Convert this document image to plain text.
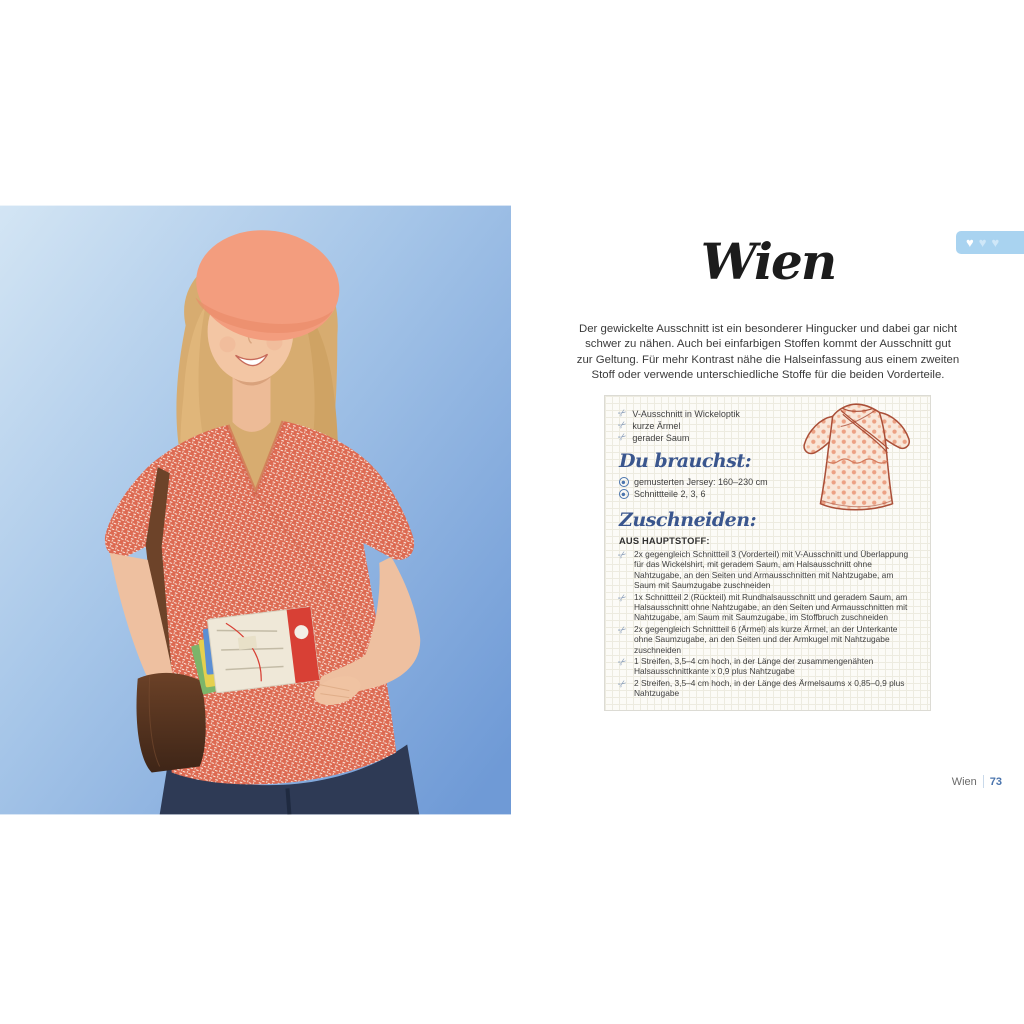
♥ ♥ ♥
Wien

Der gewickelte Ausschnitt ist ein besonderer Hingucker und dabei gar nicht schwer zu nähen. Auch bei einfarbigen Stoffen kommt der Ausschnitt gut zur Geltung. Für mehr Kontrast nähe die Halseinfassung aus einem zweiten Stoff oder verwende unterschiedliche Stoffe für die beiden Vorderteile.

✂ V-Ausschnitt in Wickeloptik
✂ kurze Ärmel
✂ gerader Saum
Du brauchst:
gemusterten Jersey: 160–230 cm
Schnittteile 2, 3, 6
Zuschneiden:
AUS HAUPTSTOFF:
✂ 2x gegengleich Schnittteil 3 (Vorderteil) mit V-Ausschnitt und Überlappung für das Wickelshirt, mit geradem Saum, am Halsausschnitt ohne Nahtzugabe, an den Seiten und Armausschnitten mit Nahtzugabe, am Saum mit Saumzugabe zuschneiden
✂ 1x Schnittteil 2 (Rückteil) mit Rundhalsausschnitt und geradem Saum, am Halsausschnitt ohne Nahtzugabe, an den Seiten und Armausschnitten mit Nahtzugabe, am Saum mit Saumzugabe, im Stoffbruch zuschneiden
✂ 2x gegengleich Schnittteil 6 (Ärmel) als kurze Ärmel, an der Unterkante ohne Saumzugabe, an den Seiten und der Armkugel mit Nahtzugabe zuschneiden
✂ 1 Streifen, 3,5–4 cm hoch, in der Länge der zusammengenähten Halsausschnittkante x 0,9 plus Nahtzugabe
✂ 2 Streifen, 3,5–4 cm hoch, in der Länge des Ärmelsaums x 0,85–0,9 plus Nahtzugabe
Wien 73
